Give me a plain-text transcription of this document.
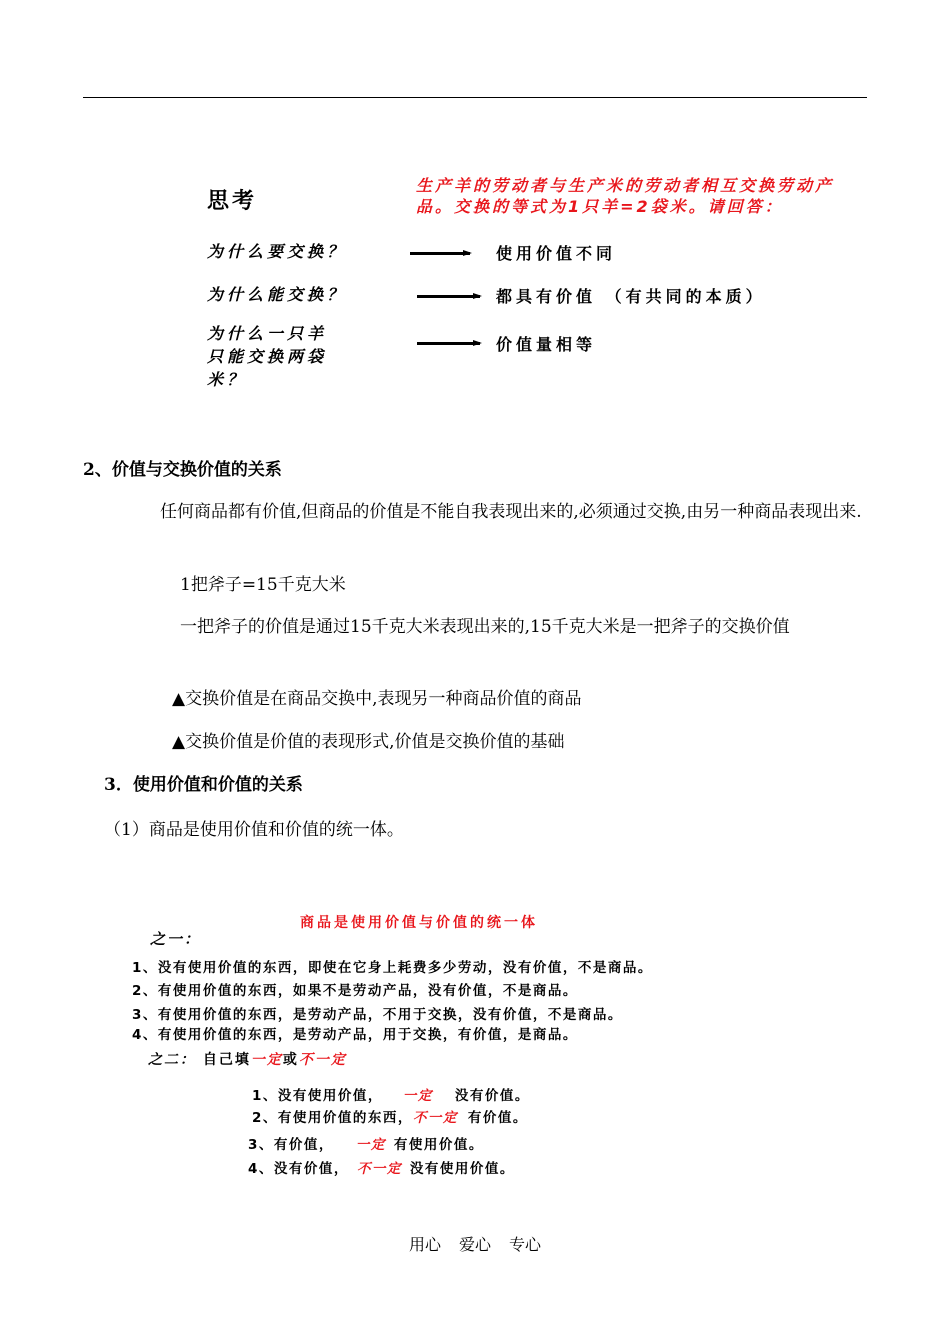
思考
生产羊的劳动者与生产米的劳动者相互交换劳动产品。交换的等式为1只羊=2袋米。请回答：
为什么要交换？	使用价值不同
为什么能交换？	都具有价值 （有共同的本质）
为什么一只羊
只能交换两袋
米？
价值量相等
2、价值与交换价值的关系
任何商品都有价值,但商品的价值是不能自我表现出来的,必须通过交换,由另一种商品表现出来.
1把斧子=15千克大米
一把斧子的价值是通过15千克大米表现出来的,15千克大米是一把斧子的交换价值
▲交换价值是在商品交换中,表现另一种商品价值的商品
▲交换价值是价值的表现形式,价值是交换价值的基础
3．使用价值和价值的关系
（1）商品是使用价值和价值的统一体。
商品是使用价值与价值的统一体
之一：
1、没有使用价值的东西，即使在它身上耗费多少劳动，没有价值，不是商品。
2、有使用价值的东西，如果不是劳动产品，没有价值，不是商品。
3、有使用价值的东西，是劳动产品，不用于交换，没有价值，不是商品。
4、有使用价值的东西，是劳动产品，用于交换，有价值，是商品。
之二： 自己填一定或不一定
1、没有使用价值， 一定 没有价值。
2、有使用价值的东西，不一定 有价值。
3、有价值， 一定 有使用价值。
4、没有价值， 不一定 没有使用价值。
用心 爱心 专心
